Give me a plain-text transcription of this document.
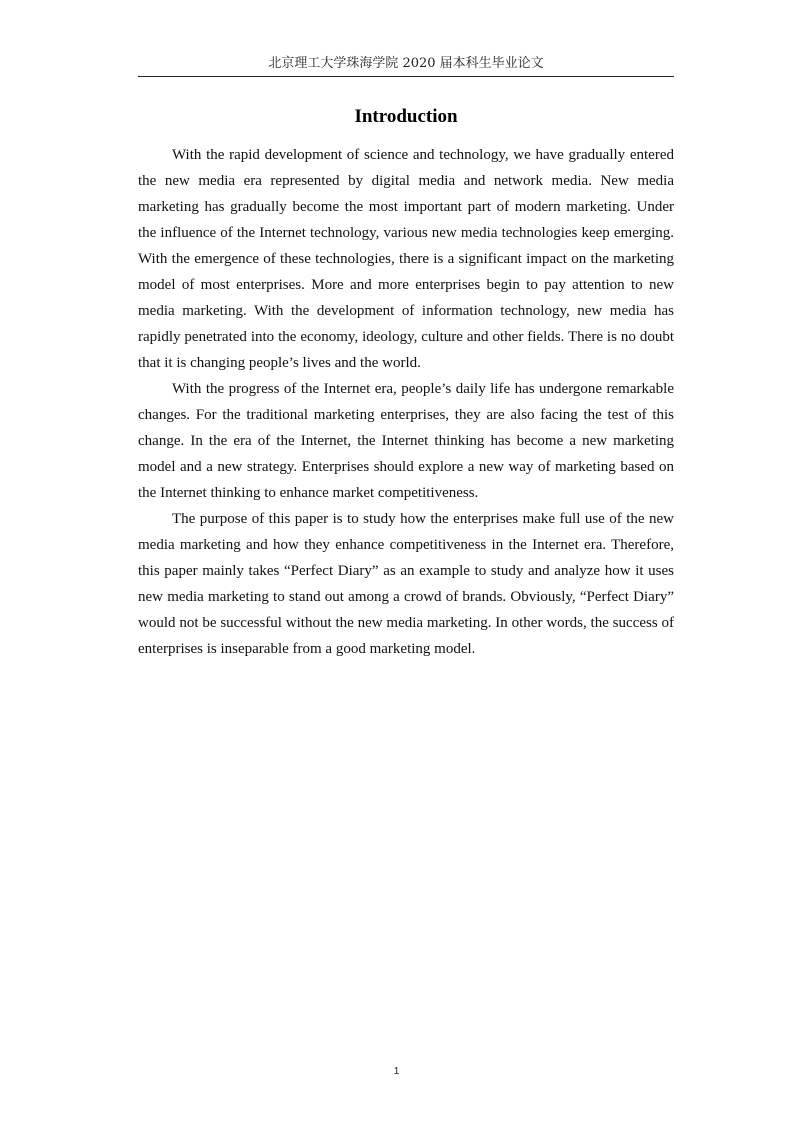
北京理工大学珠海学院 2020 届本科生毕业论文
Introduction

With the rapid development of science and technology, we have gradually entered the new media era represented by digital media and network media. New media marketing has gradually become the most important part of modern marketing. Under the influence of the Internet technology, various new media technologies keep emerging. With the emergence of these technologies, there is a significant impact on the marketing model of most enterprises. More and more enterprises begin to pay attention to new media marketing. With the development of information technology, new media has rapidly penetrated into the economy, ideology, culture and other fields. There is no doubt that it is changing people’s lives and the world.

With the progress of the Internet era, people’s daily life has undergone remarkable changes. For the traditional marketing enterprises, they are also facing the test of this change. In the era of the Internet, the Internet thinking has become a new marketing model and a new strategy. Enterprises should explore a new way of marketing based on the Internet thinking to enhance market competitiveness.

The purpose of this paper is to study how the enterprises make full use of the new media marketing and how they enhance competitiveness in the Internet era. Therefore, this paper mainly takes “Perfect Diary” as an example to study and analyze how it uses new media marketing to stand out among a crowd of brands. Obviously, “Perfect Diary” would not be successful without the new media marketing. In other words, the success of enterprises is inseparable from a good marketing model.

1
